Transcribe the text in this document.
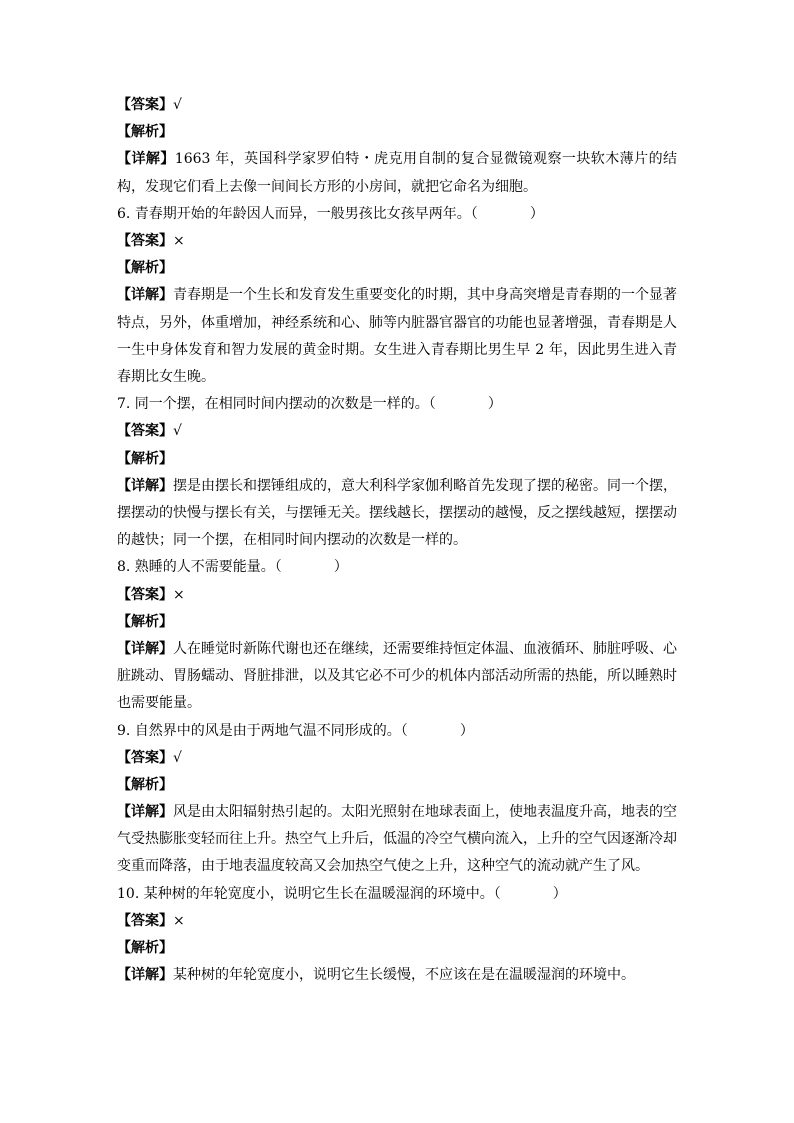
【答案】√
【解析】
【详解】1663 年，英国科学家罗伯特・虎克用自制的复合显微镜观察一块软木薄片的结构，发现它们看上去像一间间长方形的小房间，就把它命名为细胞。
6. 青春期开始的年龄因人而异，一般男孩比女孩早两年。（	）
【答案】×
【解析】
【详解】青春期是一个生长和发育发生重要变化的时期，其中身高突增是青春期的一个显著特点，另外，体重增加，神经系统和心、肺等内脏器官器官的功能也显著增强，青春期是人一生中身体发育和智力发展的黄金时期。女生进入青春期比男生早 2 年，因此男生进入青春期比女生晚。
7. 同一个摆，在相同时间内摆动的次数是一样的。（	）
【答案】√
【解析】
【详解】摆是由摆长和摆锤组成的，意大利科学家伽利略首先发现了摆的秘密。同一个摆，摆摆动的快慢与摆长有关，与摆锤无关。摆线越长，摆摆动的越慢，反之摆线越短，摆摆动的越快；同一个摆，在相同时间内摆动的次数是一样的。
8. 熟睡的人不需要能量。（	）
【答案】×
【解析】
【详解】人在睡觉时新陈代谢也还在继续，还需要维持恒定体温、血液循环、肺脏呼吸、心脏跳动、胃肠蠕动、肾脏排泄，以及其它必不可少的机体内部活动所需的热能，所以睡熟时也需要能量。
9. 自然界中的风是由于两地气温不同形成的。（	）
【答案】√
【解析】
【详解】风是由太阳辐射热引起的。太阳光照射在地球表面上，使地表温度升高，地表的空气受热膨胀变轻而往上升。热空气上升后，低温的冷空气横向流入，上升的空气因逐渐冷却变重而降落，由于地表温度较高又会加热空气使之上升，这种空气的流动就产生了风。
10. 某种树的年轮宽度小，说明它生长在温暖湿润的环境中。（	）
【答案】×
【解析】
【详解】某种树的年轮宽度小，说明它生长缓慢，不应该在是在温暖湿润的环境中。
